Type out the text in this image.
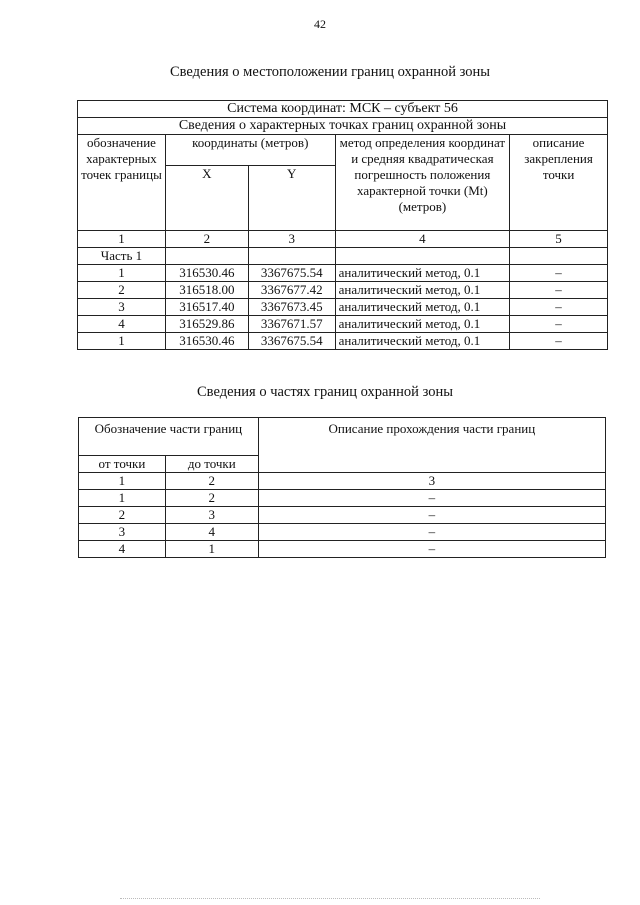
42
Сведения о местоположении границ охранной зоны
Система координат: МСК – субъект 56				
Сведения о характерных точках границ охранной зоны				
обозначение характерных точек границы	координаты (метров)		метод определения координат и средняя квадратическая погрешность положения характерной точки (Mt) (метров)	описание закрепления точки
	X	Y		
1	2	3	4	5
Часть 1				
1	316530.46	3367675.54	аналитический метод, 0.1	–
2	316518.00	3367677.42	аналитический метод, 0.1	–
3	316517.40	3367673.45	аналитический метод, 0.1	–
4	316529.86	3367671.57	аналитический метод, 0.1	–
1	316530.46	3367675.54	аналитический метод, 0.1	–
Сведения о частях границ охранной зоны
Обозначение части границ		Описание прохождения части границ
от точки	до точки	
1	2	3
1	2	–
2	3	–
3	4	–
4	1	–
